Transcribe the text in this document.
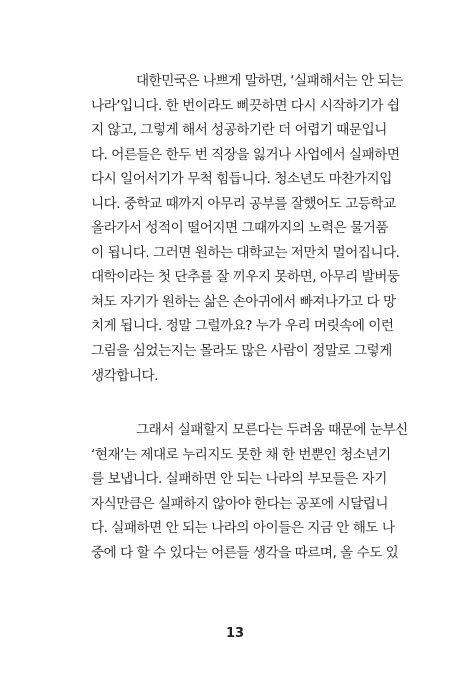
대한민국은 나쁘게 말하면, ‘실패해서는 안 되는
나라’입니다. 한 번이라도 삐끗하면 다시 시작하기가 쉽
지 않고, 그렇게 해서 성공하기란 더 어렵기 때문입니
다. 어른들은 한두 번 직장을 잃거나 사업에서 실패하면
다시 일어서기가 무척 힘듭니다. 청소년도 마찬가지입
니다. 중학교 때까지 아무리 공부를 잘했어도 고등학교
올라가서 성적이 떨어지면 그때까지의 노력은 물거품
이 됩니다. 그러면 원하는 대학교는 저만치 멀어집니다.
대학이라는 첫 단추를 잘 끼우지 못하면, 아무리 발버둥
쳐도 자기가 원하는 삶은 손아귀에서 빠져나가고 다 망
치게 됩니다. 정말 그럴까요? 누가 우리 머릿속에 이런
그림을 심었는지는 몰라도 많은 사람이 정말로 그렇게
생각합니다.
그래서 실패할지 모른다는 두려움 때문에 눈부신
‘현재’는 제대로 누리지도 못한 채 한 번뿐인 청소년기
를 보냅니다. 실패하면 안 되는 나라의 부모들은 자기
자식만큼은 실패하지 않아야 한다는 공포에 시달립니
다. 실패하면 안 되는 나라의 아이들은 지금 안 해도 나
중에 다 할 수 있다는 어른들 생각을 따르며, 올 수도 있
13
